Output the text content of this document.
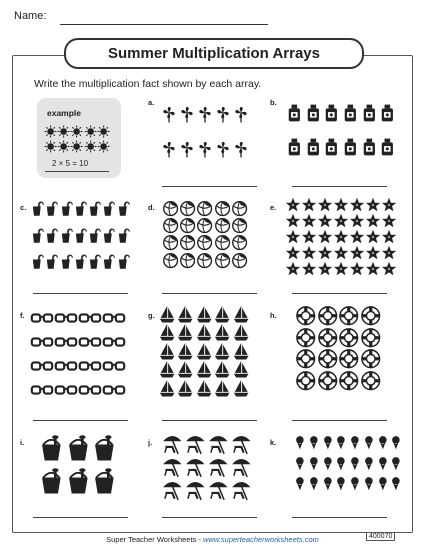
Name:
Summer Multiplication Arrays
Write the multiplication fact shown by each array.
example
2 × 5 = 10
a.	b.
c.	d.	e.
f.	g.	h.
i.	j.	k.
Super Teacher Worksheets - www.superteacherworksheets.com	400070
